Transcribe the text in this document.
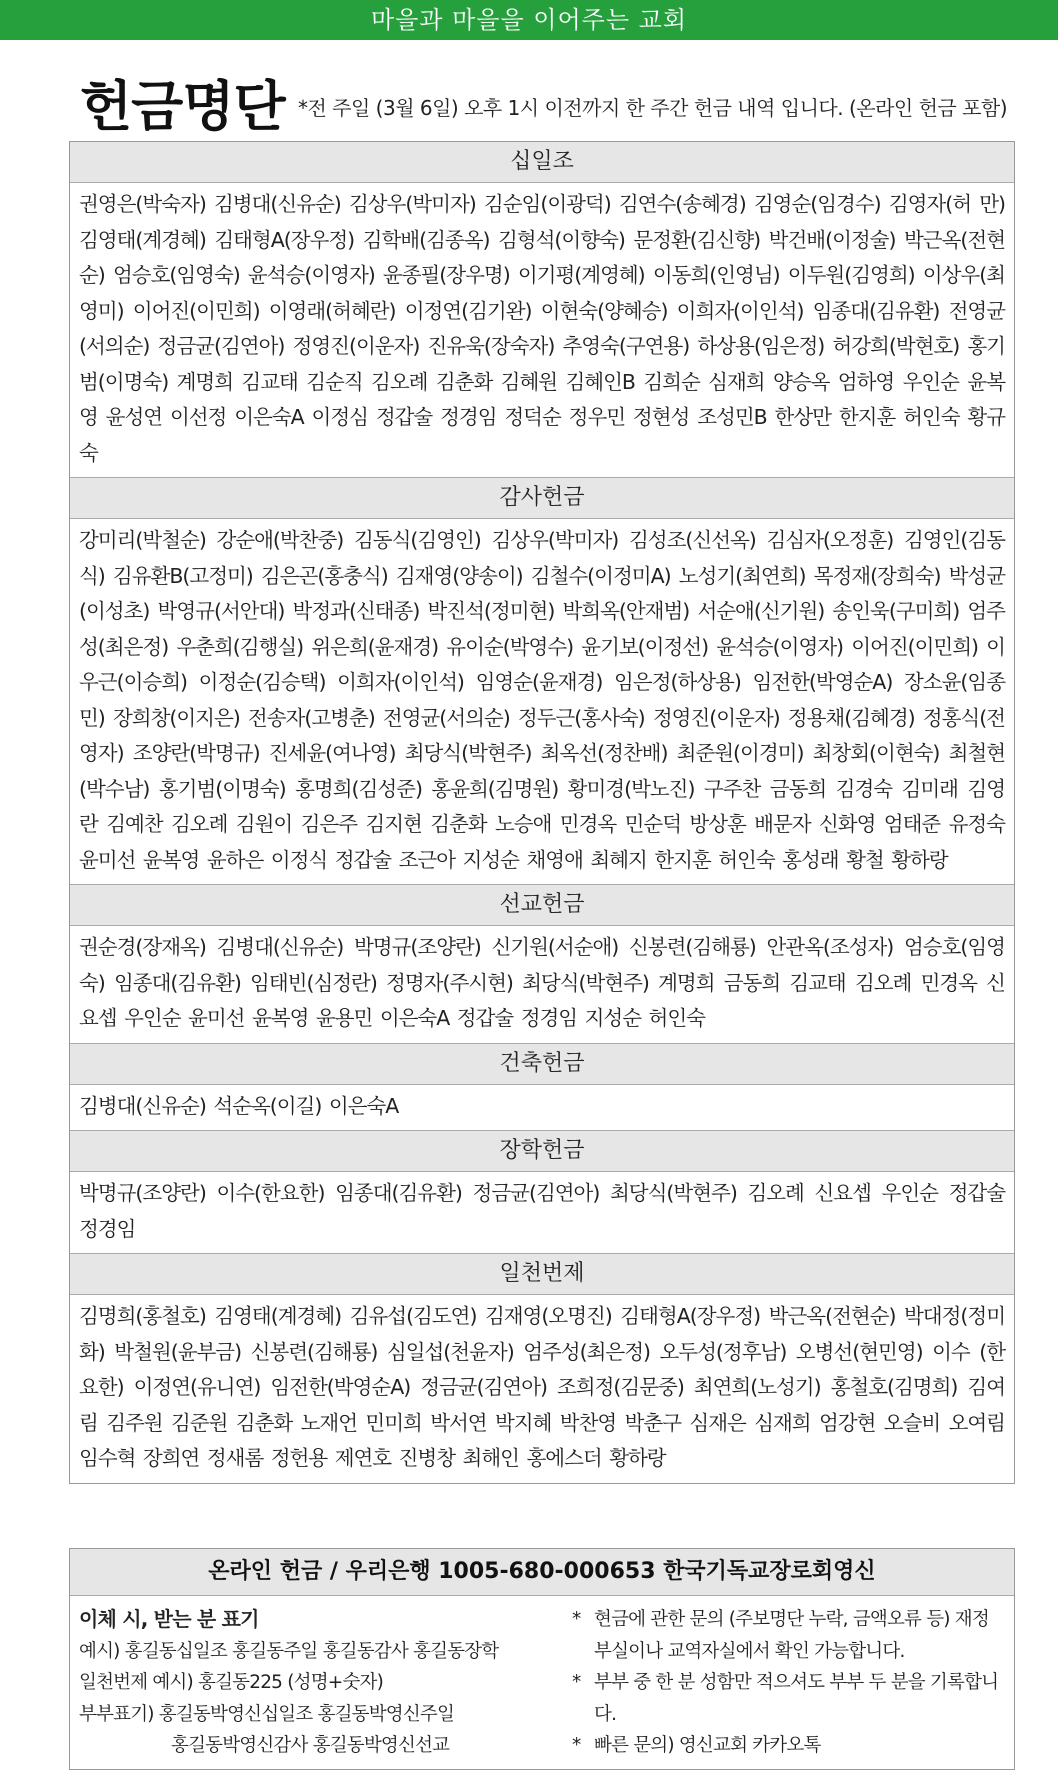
마을과 마을을 이어주는 교회
헌금명단 *전 주일 (3월 6일) 오후 1시 이전까지 한 주간 헌금 내역 입니다. (온라인 헌금 포함)
십일조
권영은(박숙자) 김병대(신유순) 김상우(박미자) 김순임(이광덕) 김연수(송혜경) 김영순(임경수) 김영자(허 만) 김영태(계경혜) 김태형A(장우정) 김학배(김종옥) 김형석(이향숙) 문정환(김신향) 박건배(이정술) 박근옥(전현순) 엄승호(임영숙) 윤석승(이영자) 윤종필(장우명) 이기평(계영혜) 이동희(인영님) 이두원(김영희) 이상우(최영미) 이어진(이민희) 이영래(허혜란) 이정연(김기완) 이현숙(양혜승) 이희자(이인석) 임종대(김유환) 전영균(서의순) 정금균(김연아) 정영진(이운자) 진유욱(장숙자) 추영숙(구연용) 하상용(임은정) 허강희(박현호) 홍기범(이명숙) 계명희 김교태 김순직 김오례 김춘화 김혜원 김혜인B 김희순 심재희 양승옥 엄하영 우인순 윤복영 윤성연 이선정 이은숙A 이정심 정갑술 정경임 정덕순 정우민 정현성 조성민B 한상만 한지훈 허인숙 황규숙
감사헌금
강미리(박철순) 강순애(박찬중) 김동식(김영인) 김상우(박미자) 김성조(신선옥) 김심자(오정훈) 김영인(김동식) 김유환B(고정미) 김은곤(홍충식) 김재영(양송이) 김철수(이정미A) 노성기(최연희) 목정재(장희숙) 박성균(이성초) 박영규(서안대) 박정과(신태종) 박진석(정미현) 박희옥(안재범) 서순애(신기원) 송인욱(구미희) 엄주성(최은정) 우춘희(김행실) 위은희(윤재경) 유이순(박영수) 윤기보(이정선) 윤석승(이영자) 이어진(이민희) 이우근(이승희) 이정순(김승택) 이희자(이인석) 임영순(윤재경) 임은정(하상용) 임전한(박영순A) 장소윤(임종민) 장희창(이지은) 전송자(고병춘) 전영균(서의순) 정두근(홍사숙) 정영진(이운자) 정용채(김혜경) 정홍식(전영자) 조양란(박명규) 진세윤(여나영) 최당식(박현주) 최옥선(정찬배) 최준원(이경미) 최창회(이현숙) 최철현(박수남) 홍기범(이명숙) 홍명희(김성준) 홍윤희(김명원) 황미경(박노진) 구주찬 금동희 김경숙 김미래 김영란 김예찬 김오례 김원이 김은주 김지현 김춘화 노승애 민경옥 민순덕 방상훈 배문자 신화영 엄태준 유정숙 윤미선 윤복영 윤하은 이정식 정갑술 조근아 지성순 채영애 최혜지 한지훈 허인숙 홍성래 황철 황하랑
선교헌금
권순경(장재옥) 김병대(신유순) 박명규(조양란) 신기원(서순애) 신봉련(김해룡) 안관옥(조성자) 엄승호(임영숙) 임종대(김유환) 임태빈(심정란) 정명자(주시현) 최당식(박현주) 계명희 금동희 김교태 김오례 민경옥 신요셉 우인순 윤미선 윤복영 윤용민 이은숙A 정갑술 정경임 지성순 허인숙
건축헌금
김병대(신유순) 석순옥(이길) 이은숙A
장학헌금
박명규(조양란) 이수(한요한) 임종대(김유환) 정금균(김연아) 최당식(박현주) 김오례 신요셉 우인순 정갑술 정경임
일천번제
김명희(홍철호) 김영태(계경혜) 김유섭(김도연) 김재영(오명진) 김태형A(장우정) 박근옥(전현순) 박대정(정미화) 박철원(윤부금) 신봉련(김해룡) 심일섭(천윤자) 엄주성(최은정) 오두성(정후남) 오병선(현민영) 이수 (한요한) 이정연(유니연) 임전한(박영순A) 정금균(김연아) 조희정(김문중) 최연희(노성기) 홍철호(김명희) 김여림 김주원 김준원 김춘화 노재언 민미희 박서연 박지혜 박찬영 박춘구 심재은 심재희 엄강현 오슬비 오여림 임수혁 장희연 정새롬 정헌용 제연호 진병창 최해인 홍에스더 황하랑
온라인 헌금 / 우리은행 1005-680-000653 한국기독교장로회영신
이체 시, 받는 분 표기
예시) 홍길동십일조 홍길동주일 홍길동감사 홍길동장학
일천번제 예시) 홍길동225 (성명+숫자)
부부표기) 홍길동박영신십일조 홍길동박영신주일
홍길동박영신감사 홍길동박영신선교
* 현금에 관한 문의 (주보명단 누락, 금액오류 등) 재정부실이나 교역자실에서 확인 가능합니다.
* 부부 중 한 분 성함만 적으셔도 부부 두 분을 기록합니다.
* 빠른 문의) 영신교회 카카오톡
